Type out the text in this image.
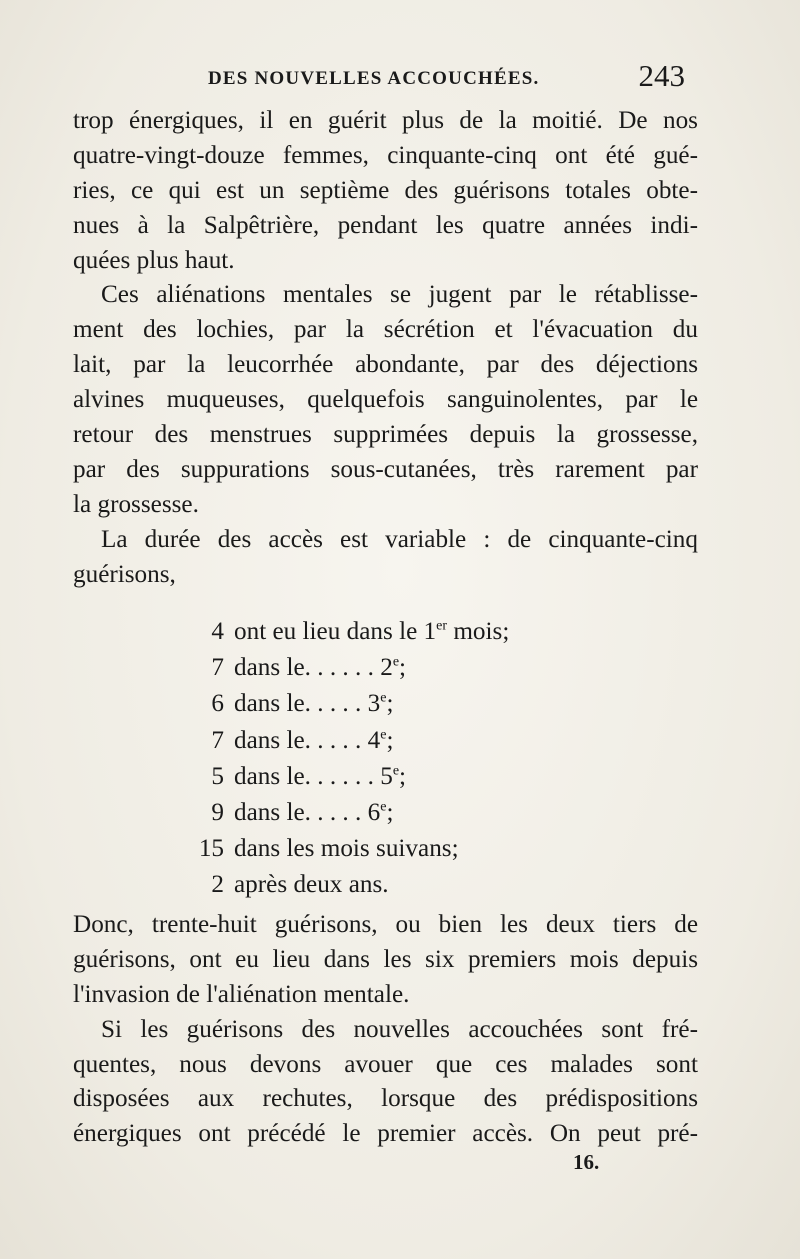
DES NOUVELLES ACCOUCHÉES.	243
trop énergiques, il en guérit plus de la moitié. De nos
quatre-vingt-douze femmes, cinquante-cinq ont été gué-
ries, ce qui est un septième des guérisons totales obte-
nues à la Salpêtrière, pendant les quatre années indi-
quées plus haut.
Ces aliénations mentales se jugent par le rétablisse-
ment des lochies, par la sécrétion et l'évacuation du
lait, par la leucorrhée abondante, par des déjections
alvines muqueuses, quelquefois sanguinolentes, par le
retour des menstrues supprimées depuis la grossesse,
par des suppurations sous-cutanées, très rarement par
la grossesse.
La durée des accès est variable : de cinquante-cinq
guérisons,
4 ont eu lieu dans le 1er mois;
7 dans le. . . . . . 2e;
6 dans le. . . . . 3e;
7 dans le. . . . . 4e;
5 dans le. . . . . . 5e;
9 dans le. . . . . 6e;
15 dans les mois suivans;
2 après deux ans.
Donc, trente-huit guérisons, ou bien les deux tiers de
guérisons, ont eu lieu dans les six premiers mois depuis
l'invasion de l'aliénation mentale.
Si les guérisons des nouvelles accouchées sont fré-
quentes, nous devons avouer que ces malades sont
disposées aux rechutes, lorsque des prédispositions
énergiques ont précédé le premier accès. On peut pré-
16.
